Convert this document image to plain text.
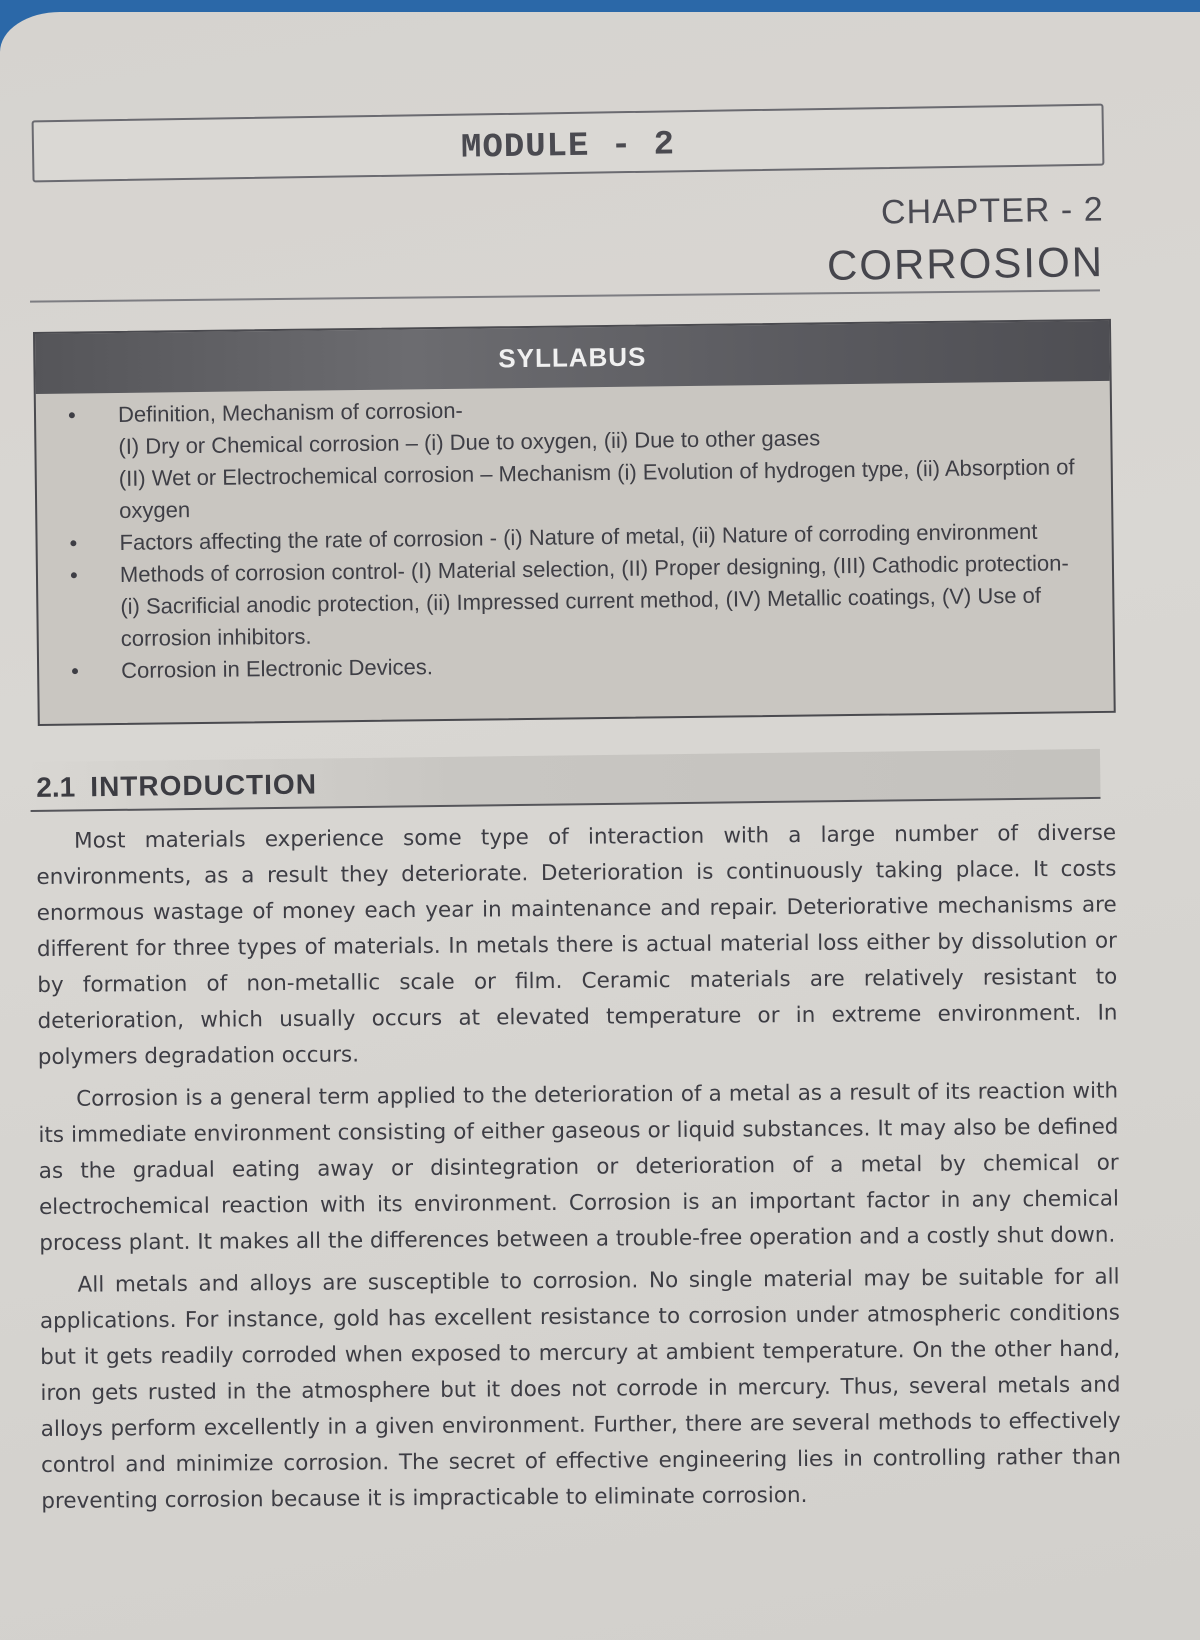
MODULE - 2
CHAPTER - 2
CORROSION
SYLLABUS
• Definition, Mechanism of corrosion-
(I) Dry or Chemical corrosion – (i) Due to oxygen, (ii) Due to other gases
(II) Wet or Electrochemical corrosion – Mechanism (i) Evolution of hydrogen type, (ii) Absorption of oxygen
• Factors affecting the rate of corrosion - (i) Nature of metal, (ii) Nature of corroding environment
• Methods of corrosion control- (I) Material selection, (II) Proper designing, (III) Cathodic protection- (i) Sacrificial anodic protection, (ii) Impressed current method, (IV) Metallic coatings, (V) Use of corrosion inhibitors.
• Corrosion in Electronic Devices.
2.1 INTRODUCTION

Most materials experience some type of interaction with a large number of diverse environments, as a result they deteriorate. Deterioration is continuously taking place. It costs enormous wastage of money each year in maintenance and repair. Deteriorative mechanisms are different for three types of materials. In metals there is actual material loss either by dissolution or by formation of non-metallic scale or film. Ceramic materials are relatively resistant to deterioration, which usually occurs at elevated temperature or in extreme environment. In polymers degradation occurs.

Corrosion is a general term applied to the deterioration of a metal as a result of its reaction with its immediate environment consisting of either gaseous or liquid substances. It may also be defined as the gradual eating away or disintegration or deterioration of a metal by chemical or electrochemical reaction with its environment. Corrosion is an important factor in any chemical process plant. It makes all the differences between a trouble-free operation and a costly shut down.

All metals and alloys are susceptible to corrosion. No single material may be suitable for all applications. For instance, gold has excellent resistance to corrosion under atmospheric conditions but it gets readily corroded when exposed to mercury at ambient temperature. On the other hand, iron gets rusted in the atmosphere but it does not corrode in mercury. Thus, several metals and alloys perform excellently in a given environment. Further, there are several methods to effectively control and minimize corrosion. The secret of effective engineering lies in controlling rather than preventing corrosion because it is impracticable to eliminate corrosion.
